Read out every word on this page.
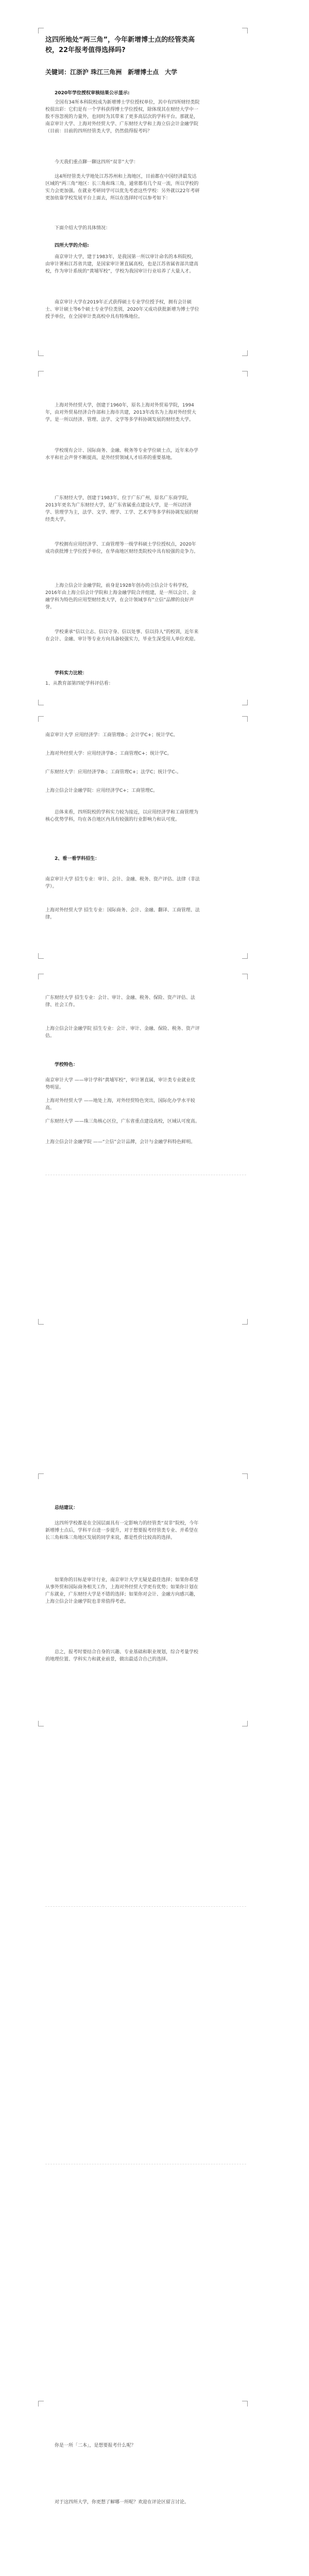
这四所地处“两三角”，今年新增博士点的经管类高校，22年报考值得选择吗?
关键词：江浙沪 珠江三角洲　新增博士点　大学
2020年学位授权审核结果公示显示:
全国有34所本科院校成为新增博士学位授权单位，其中有四所财经类院校很出彩：它们是有一个学科获得博士学位授权，除体现其在财经大学中一股不容忽视的力量外，也同时为其带来了更多高层次的学科平台。那就是，南京审计大学、上海对外经贸大学、广东财经大学和上海立信会计金融学院（目前：目前的四所经管类大学，仍然值得报考吗？
今天我们重点聊一聊这四所“双非”大学：
这4所经管类大学地处江苏苏州和上海地区，目前都在中国经济最发达区域的“两三角”地区：长三角和珠三角，通常都有几个双一流，所以学校的实力会更加强。在就业考研同学可以优先考虑这些学校：另外就以22年考研更加依靠学校发展平台上面去，所以在选择时可以参考如下：
下面介绍大学的具体情况：
四所大学的介绍:
南京审计大学，建于1983年，是我国第一所以审计命名的本科院校，由审计署和江苏省共建，是国家审计署直属高校，也是江苏省属省部共建高校，作为审计系统的“黄埔军校”，学校为我国审计行业培养了大量人才。
南京审计大学在2019年正式获得硕士专业学位授予权，拥有会计硕士、审计硕士等6个硕士专业学位类别，2020年又成功获批新增为博士学位授予单位，在全国审计类高校中具有特殊地位。
上海对外经贸大学，创建于1960年，原名上海对外贸易学院，1994年，由对外贸易经济合作部和上海市共建，2013年改名为上海对外经贸大学。是一所以经济、管理、法学、文学等多学科协调发展的财经类大学。
学校现有会计、国际商务、金融、税务等专业学位硕士点，近年来办学水平和社会声誉不断提高，是外经贸领域人才培养的重要基地。
广东财经大学，创建于1983年，位于广东广州，原名广东商学院，2013年更名为广东财经大学，是广东省属重点建设大学，是一所以经济学、管理学为主，法学、文学、理学、工学、艺术学等多学科协调发展的财经类大学。
学校拥有应用经济学、工商管理等一级学科硕士学位授权点，2020年成功获批博士学位授予单位，在华南地区财经类院校中具有较强的竞争力。
上海立信会计金融学院，前身是1928年创办的立信会计专科学校，2016年由上海立信会计学院和上海金融学院合并组建，是一所以会计、金融学科为特色的应用型财经类大学，在会计领域享有“立信”品牌的良好声誉。
学校秉承“信以立志、信以守身、信以处事、信以待人”的校训，近年来在会计、金融、审计等专业方向具备较强实力，毕业生深受用人单位欢迎。
学科实力比较：
1、从教育部第四轮学科评估看：
南京审计大学 应用经济学：工商管理B-；会计学C+；统计学C。
上海对外经贸大学：应用经济学B-；工商管理C+；统计学C。
广东财经大学：应用经济学B-；工商管理C+；法学C；统计学C-。
上海立信会计金融学院：应用经济学C+；工商管理C。
总体来看，四所院校的学科实力较为接近，以应用经济学和工商管理为核心优势学科，均在各自地区内具有较强的行业影响力和认可度。
2、看一看学科招生：
南京审计大学 招生专业：审计、会计、金融、税务、资产评估、法律（非法学）。
上海对外经贸大学 招生专业：国际商务、会计、金融、翻译、工商管理、法律。
广东财经大学 招生专业：会计、审计、金融、税务、保险、资产评估、法律、社会工作。
上海立信会计金融学院 招生专业：会计、审计、金融、保险、税务、资产评估。
学校特色：
南京审计大学 ——审计学科“黄埔军校”，审计署直属，审计类专业就业优势明显。
上海对外经贸大学 ——地处上海，对外经贸特色突出，国际化办学水平较高。
广东财经大学 ——珠三角核心区位，广东省重点建设高校，区域认可度高。
上海立信会计金融学院 ——“立信”会计品牌，会计与金融学科特色鲜明。
总结建议：
这四所学校都是在全国层面具有一定影响力的经管类“双非”院校，今年新增博士点后，学科平台进一步提升，对于想要报考经管类专业、并希望在长三角和珠三角地区发展的同学来说，都是性价比较高的选择。
如果你的目标是审计行业，南京审计大学无疑是最佳选择；如果你希望从事外贸和国际商务相关工作，上海对外经贸大学更有优势；如果你计划在广东就业，广东财经大学是不错的选择；如果你对会计、金融方向感兴趣，上海立信会计金融学院也非常值得考虑。
总之，报考时要结合自身的兴趣、专业基础和职业规划，综合考量学校的地理位置、学科实力和就业前景，做出最适合自己的选择。
你是一所「二本」，是想要报考什么呢？
对于这四所大学，你更想了解哪一所呢？欢迎在评论区留言讨论。
